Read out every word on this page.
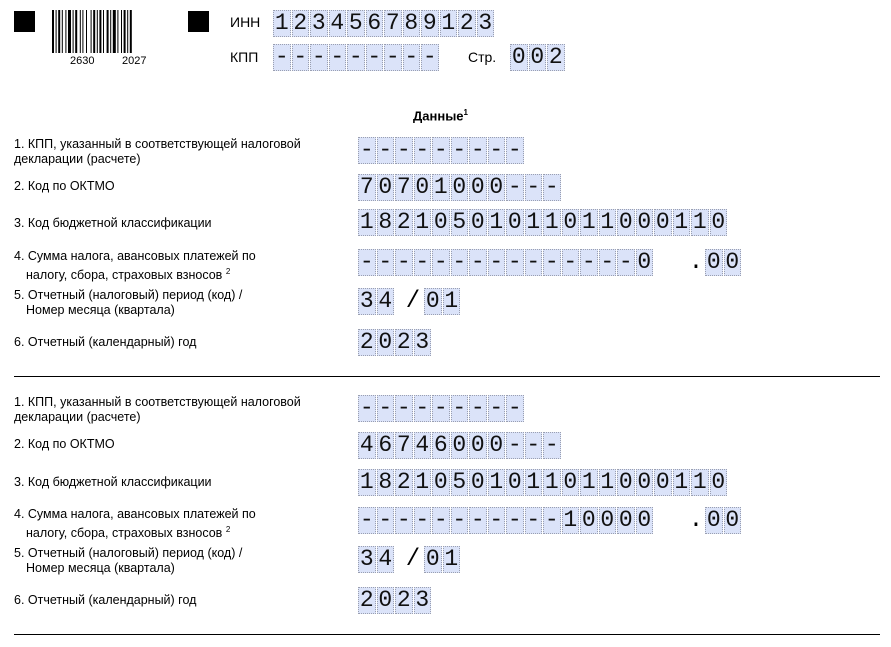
2630	2027
ИНН 1 2 3 4 5 6 7 8 9 1 2 3
КПП - - - - - - - - - Стр. 0 0 2
Данные$^1$
1. КПП, указанный в соответствующей налоговой
декларации (расчете)	- - - - - - - - -
2. Код по ОКТМО	7 0 7 0 1 0 0 0 - - -
3. Код бюджетной классификации	1 8 2 1 0 5 0 1 0 1 1 0 1 1 0 0 0 1 1 0
4. Сумма налога, авансовых платежей по
налогу, сбора, страховых взносов $^2$	- - - - - - - - - - - - - - - 0 . 0 0
5. Отчетный (налоговый) период (код) /
Номер месяца (квартала)	3 4 / 0 1
6. Отчетный (календарный) год	2 0 2 3
1. КПП, указанный в соответствующей налоговой
декларации (расчете)	- - - - - - - - -
2. Код по ОКТМО	4 6 7 4 6 0 0 0 - - -
3. Код бюджетной классификации	1 8 2 1 0 5 0 1 0 1 1 0 1 1 0 0 0 1 1 0
4. Сумма налога, авансовых платежей по
налогу, сбора, страховых взносов $^2$	- - - - - - - - - - - 1 0 0 0 0 . 0 0
5. Отчетный (налоговый) период (код) /
Номер месяца (квартала)	3 4 / 0 1
6. Отчетный (календарный) год	2 0 2 3
